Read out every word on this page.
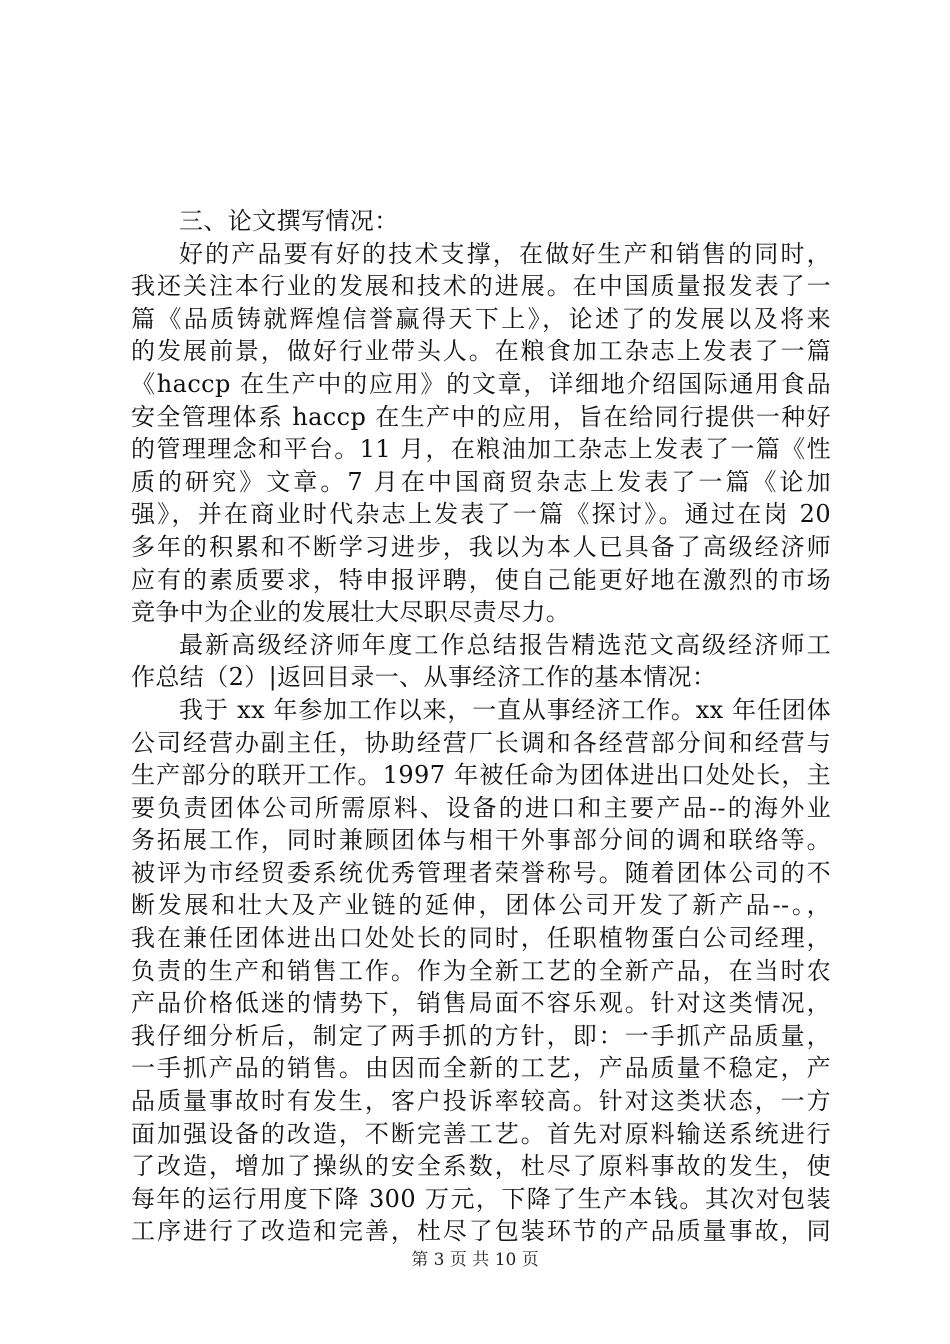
三、论文撰写情况：
好的产品要有好的技术支撑，在做好生产和销售的同时，
我还关注本行业的发展和技术的进展。在中国质量报发表了一
篇《品质铸就辉煌信誉赢得天下上》，论述了的发展以及将来
的发展前景，做好行业带头人。在粮食加工杂志上发表了一篇
《haccp 在生产中的应用》的文章，详细地介绍国际通用食品
安全管理体系 haccp 在生产中的应用，旨在给同行提供一种好
的管理理念和平台。11 月，在粮油加工杂志上发表了一篇《性
质的研究》文章。7 月在中国商贸杂志上发表了一篇《论加
强》，并在商业时代杂志上发表了一篇《探讨》。通过在岗 20
多年的积累和不断学习进步，我以为本人已具备了高级经济师
应有的素质要求，特申报评聘，使自己能更好地在激烈的市场
竞争中为企业的发展壮大尽职尽责尽力。
最新高级经济师年度工作总结报告精选范文高级经济师工
作总结（2）|返回目录一、从事经济工作的基本情况：
我于 xx 年参加工作以来，一直从事经济工作。xx 年任团体
公司经营办副主任，协助经营厂长调和各经营部分间和经营与
生产部分的联开工作。1997 年被任命为团体进出口处处长，主
要负责团体公司所需原料、设备的进口和主要产品--的海外业
务拓展工作，同时兼顾团体与相干外事部分间的调和联络等。
被评为市经贸委系统优秀管理者荣誉称号。随着团体公司的不
断发展和壮大及产业链的延伸，团体公司开发了新产品--。，
我在兼任团体进出口处处长的同时，任职植物蛋白公司经理，
负责的生产和销售工作。作为全新工艺的全新产品，在当时农
产品价格低迷的情势下，销售局面不容乐观。针对这类情况，
我仔细分析后，制定了两手抓的方针，即：一手抓产品质量，
一手抓产品的销售。由因而全新的工艺，产品质量不稳定，产
品质量事故时有发生，客户投诉率较高。针对这类状态，一方
面加强设备的改造，不断完善工艺。首先对原料输送系统进行
了改造，增加了操纵的安全系数，杜尽了原料事故的发生，使
每年的运行用度下降 300 万元，下降了生产本钱。其次对包装
工序进行了改造和完善，杜尽了包装环节的产品质量事故，同
第 3 页 共 10 页
